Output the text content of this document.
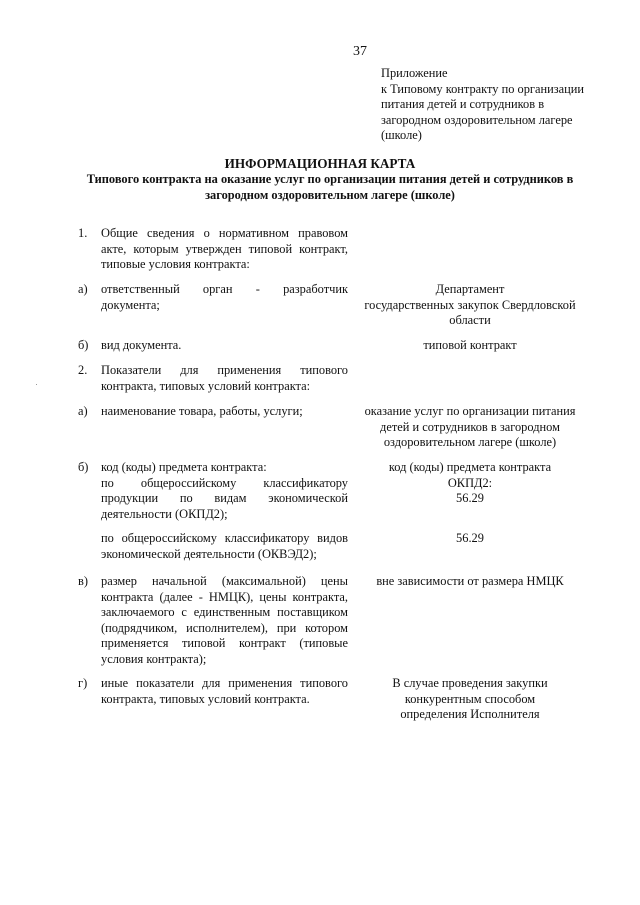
37
Приложение
к Типовому контракту по организации
питания детей и сотрудников в
загородном оздоровительном лагере
(школе)
ИНФОРМАЦИОННАЯ КАРТА
Типового контракта на оказание услуг по организации питания детей и сотрудников в загородном оздоровительном лагере (школе)
1. Общие сведения о нормативном правовом
акте, которым утвержден типовой контракт,
типовые условия контракта:
а) ответственный орган - разработчик
документа;
Департамент
государственных закупок Свердловской
области
б) вид документа.	типовой контракт
2. Показатели для применения типового
контракта, типовых условий контракта:
а) наименование товара, работы, услуги;	оказание услуг по организации питания
детей и сотрудников в загородном
оздоровительном лагере (школе)
б) код (коды) предмета контракта:
по общероссийскому классификатору
продукции по видам экономической
деятельности (ОКПД2);
код (коды) предмета контракта
ОКПД2:
56.29
по общероссийскому классификатору видов
экономической деятельности (ОКВЭД2);
56.29
в) размер начальной (максимальной) цены
контракта (далее - НМЦК), цены контракта,
заключаемого с единственным поставщиком
(подрядчиком, исполнителем), при котором
применяется типовой контракт (типовые
условия контракта);
вне зависимости от размера НМЦК
г) иные показатели для применения типового
контракта, типовых условий контракта.
В случае проведения закупки
конкурентным способом
определения Исполнителя
